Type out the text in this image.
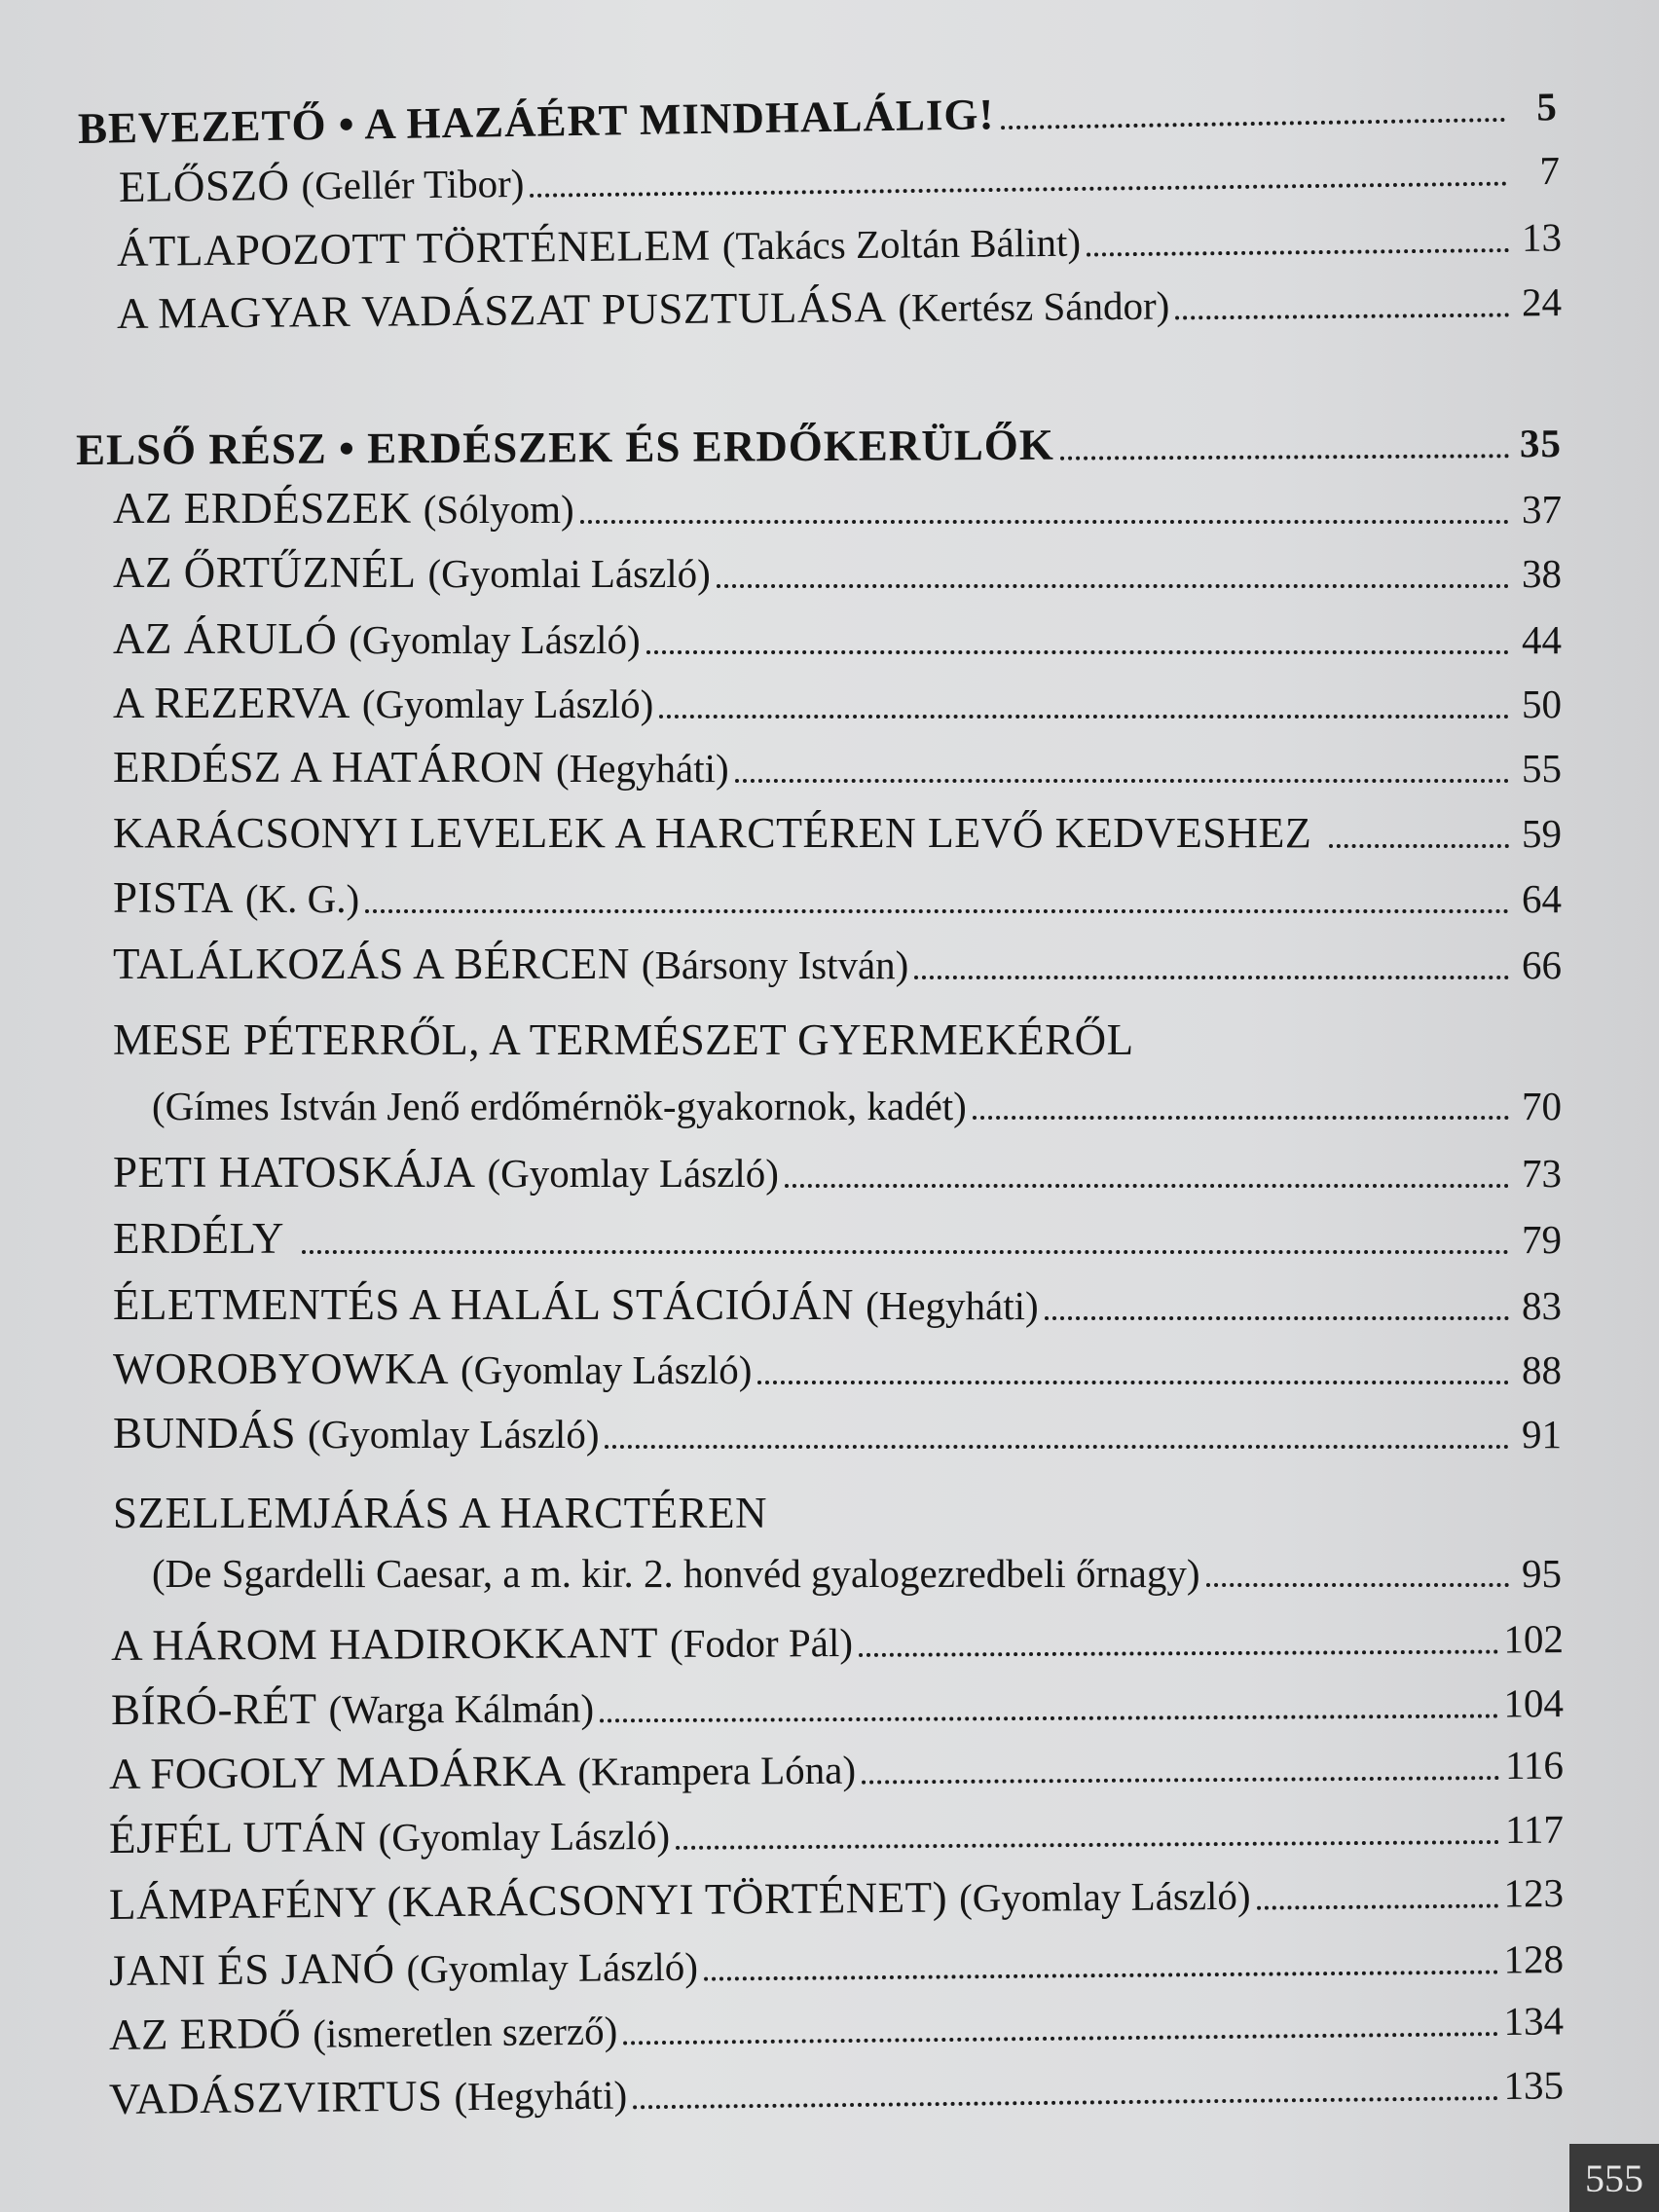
BEVEZETŐ • A HAZÁÉRT MINDHALÁLIG!	5
ELŐSZÓ (Gellér Tibor)	7
ÁTLAPOZOTT TÖRTÉNELEM (Takács Zoltán Bálint)	13
A MAGYAR VADÁSZAT PUSZTULÁSA (Kertész Sándor)	24
ELSŐ RÉSZ • ERDÉSZEK ÉS ERDŐKERÜLŐK	35
AZ ERDÉSZEK (Sólyom)	37
AZ ŐRTŰZNÉL (Gyomlai László)	38
AZ ÁRULÓ (Gyomlay László)	44
A REZERVA (Gyomlay László)	50
ERDÉSZ A HATÁRON (Hegyháti)	55
KARÁCSONYI LEVELEK A HARCTÉREN LEVŐ KEDVESHEZ	59
PISTA (K. G.)	64
TALÁLKOZÁS A BÉRCEN (Bársony István)	66
MESE PÉTERRŐL, A TERMÉSZET GYERMEKÉRŐL
(Gímes István Jenő erdőmérnök-gyakornok, kadét)	70
PETI HATOSKÁJA (Gyomlay László)	73
ERDÉLY	79
ÉLETMENTÉS A HALÁL STÁCIÓJÁN (Hegyháti)	83
WOROBYOWKA (Gyomlay László)	88
BUNDÁS (Gyomlay László)	91
SZELLEMJÁRÁS A HARCTÉREN
(De Sgardelli Caesar, a m. kir. 2. honvéd gyalogezredbeli őrnagy)	95
A HÁROM HADIROKKANT (Fodor Pál)	102
BÍRÓ-RÉT (Warga Kálmán)	104
A FOGOLY MADÁRKA (Krampera Lóna)	116
ÉJFÉL UTÁN (Gyomlay László)	117
LÁMPAFÉNY (KARÁCSONYI TÖRTÉNET) (Gyomlay László)	123
JANI ÉS JANÓ (Gyomlay László)	128
AZ ERDŐ (ismeretlen szerző)	134
VADÁSZVIRTUS (Hegyháti)	135
555
